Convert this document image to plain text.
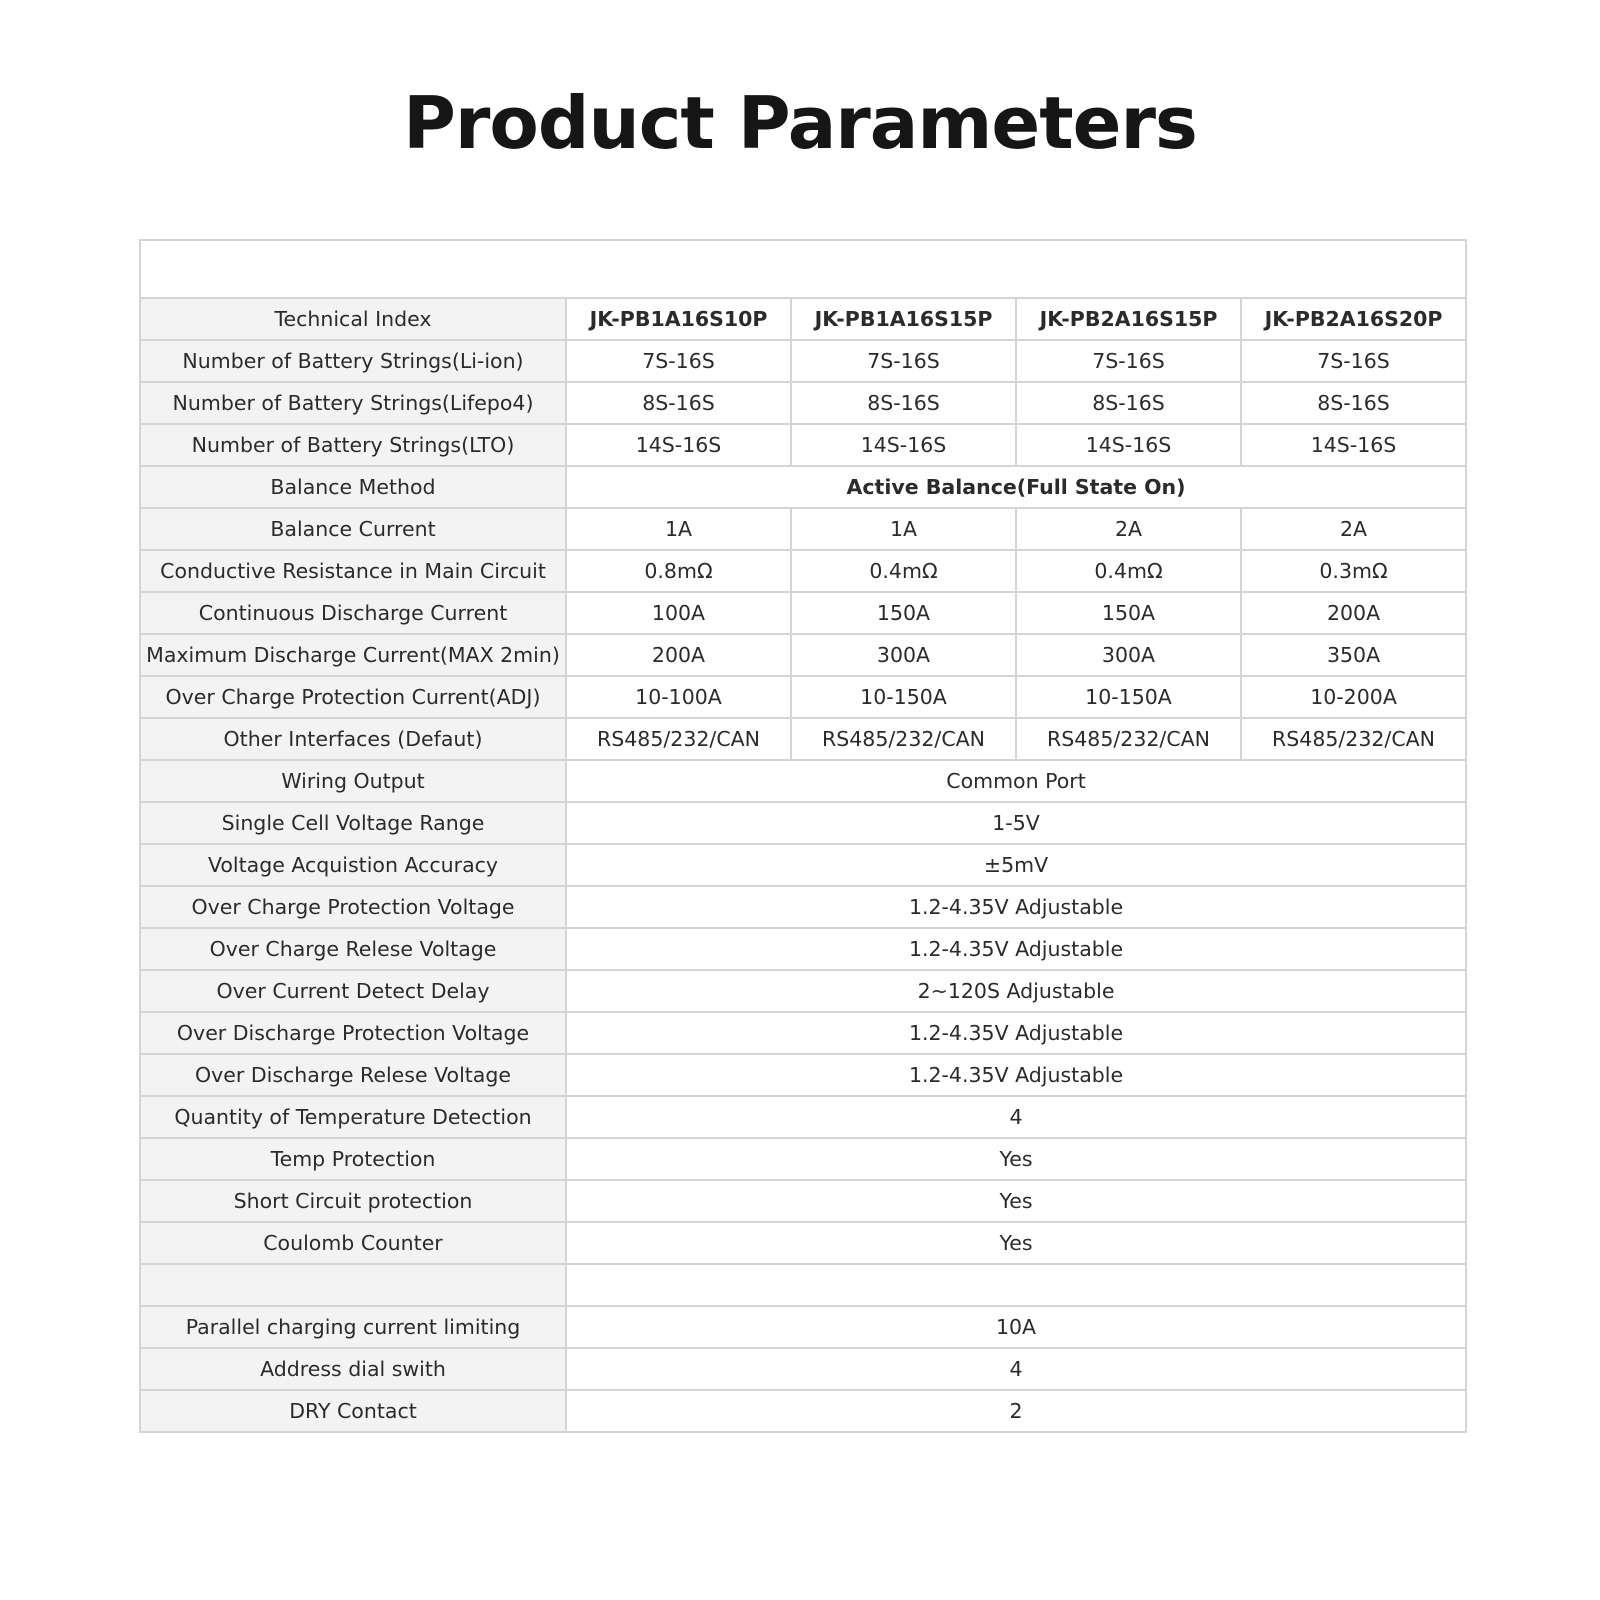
Product Parameters

Technical Index	JK-PB1A16S10P	JK-PB1A16S15P	JK-PB2A16S15P	JK-PB2A16S20P
Number of Battery Strings(Li-ion)	7S-16S	7S-16S	7S-16S	7S-16S
Number of Battery Strings(Lifepo4)	8S-16S	8S-16S	8S-16S	8S-16S
Number of Battery Strings(LTO)	14S-16S	14S-16S	14S-16S	14S-16S
Balance Method	Active Balance(Full State On)			
Balance Current	1A	1A	2A	2A
Conductive Resistance in Main Circuit	0.8mΩ	0.4mΩ	0.4mΩ	0.3mΩ
Continuous Discharge Current	100A	150A	150A	200A
Maximum Discharge Current(MAX 2min)	200A	300A	300A	350A
Over Charge Protection Current(ADJ)	10-100A	10-150A	10-150A	10-200A
Other Interfaces (Defaut)	RS485/232/CAN	RS485/232/CAN	RS485/232/CAN	RS485/232/CAN
Wiring Output	Common Port			
Single Cell Voltage Range	1-5V			
Voltage Acquistion Accuracy	±5mV			
Over Charge Protection Voltage	1.2-4.35V Adjustable			
Over Charge Relese Voltage	1.2-4.35V Adjustable			
Over Current Detect Delay	2~120S Adjustable			
Over Discharge Protection Voltage	1.2-4.35V Adjustable			
Over Discharge Relese Voltage	1.2-4.35V Adjustable			
Quantity of Temperature Detection	4			
Temp Protection	Yes			
Short Circuit protection	Yes			
Coulomb Counter	Yes			

Parallel charging current limiting	10A			
Address dial swith	4			
DRY Contact	2			
